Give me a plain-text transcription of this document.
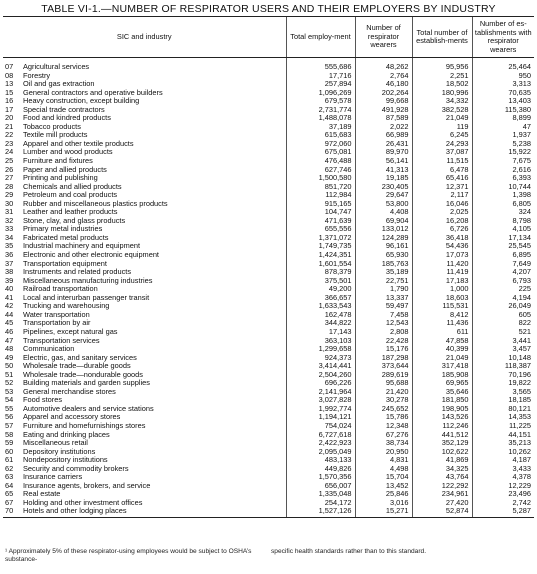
TABLE VI-1.—NUMBER OF RESPIRATOR USERS AND THEIR EMPLOYERS BY INDUSTRY
SIC and industry	Total employ-ment	Number of respirator wearers	Total number of establish-ments	Number of es-tablishments with respirator wearers
07 Agricultural services	555,686	48,262	95,956	25,464
08 Forestry	17,716	2,764	2,251	950
13 Oil and gas extraction	257,894	46,180	18,502	3,313
15 General contractors and operative builders	1,096,269	202,264	180,996	70,635
16 Heavy construction, except building	679,578	99,668	34,332	13,403
17 Special trade contractors	2,731,774	491,928	382,528	115,380
20 Food and kindred products	1,488,078	87,589	21,049	8,899
21 Tobacco products	37,189	2,022	119	47
22 Textile mill products	615,683	66,989	6,245	1,937
23 Apparel and other textile products	972,060	26,431	24,293	5,238
24 Lumber and wood products	675,081	89,970	37,087	15,922
25 Furniture and fixtures	476,488	56,141	11,515	7,675
26 Paper and allied products	627,746	41,313	6,478	2,616
27 Printing and publishing	1,500,580	19,185	65,416	6,393
28 Chemicals and allied products	851,720	230,405	12,371	10,744
29 Petroleum and coal products	112,984	29,647	2,117	1,398
30 Rubber and miscellaneous plastics products	915,165	53,800	16,046	6,805
31 Leather and leather products	104,747	4,408	2,025	324
32 Stone, clay, and glass products	471,639	69,904	16,208	8,798
33 Primary metal industries	655,556	133,012	6,726	4,105
34 Fabricated metal products	1,371,072	124,289	36,418	17,134
35 Industrial machinery and equipment	1,749,735	96,161	54,436	25,545
36 Electronic and other electronic equipment	1,424,351	65,930	17,073	6,895
37 Transportation equipment	1,601,554	185,763	11,420	7,649
38 Instruments and related products	878,379	35,189	11,419	4,207
39 Miscellaneous manufacturing industries	375,501	22,751	17,183	6,793
40 Railroad transportation	49,200	1,790	1,000	225
41 Local and interurban passenger transit	366,657	13,337	18,603	4,194
42 Trucking and warehousing	1,633,543	59,497	115,531	26,049
44 Water transportation	162,478	7,458	8,412	605
45 Transportation by air	344,822	12,543	11,436	822
46 Pipelines, except natural gas	17,143	2,808	611	521
47 Transportation services	363,103	22,428	47,858	3,441
48 Communication	1,299,658	15,176	40,399	3,457
49 Electric, gas, and sanitary services	924,373	187,298	21,049	10,148
50 Wholesale trade—durable goods	3,414,441	373,644	317,418	118,387
51 Wholesale trade—nondurable goods	2,504,260	289,619	185,908	70,196
52 Building materials and garden supplies	696,226	95,688	69,965	19,822
53 General merchandise stores	2,141,964	21,420	35,646	3,565
54 Food stores	3,027,828	30,278	181,850	18,185
55 Automotive dealers and service stations	1,992,774	245,652	198,905	80,121
56 Apparel and accessory stores	1,194,121	15,786	143,526	14,353
57 Furniture and homefurnishings stores	754,024	12,348	112,246	11,225
58 Eating and drinking places	6,727,618	67,276	441,512	44,151
59 Miscellaneous retail	2,422,923	38,734	352,129	35,213
60 Depository institutions	2,095,049	20,950	102,622	10,262
61 Nondepository institutions	483,133	4,831	41,869	4,187
62 Security and commodity brokers	449,826	4,498	34,325	3,433
63 Insurance carriers	1,570,356	15,704	43,764	4,378
64 Insurance agents, brokers, and service	656,007	13,452	122,292	12,229
65 Real estate	1,335,048	25,846	234,961	23,496
67 Holding and other investment offices	254,172	3,016	27,420	2,742
70 Hotels and other lodging places	1,527,126	15,271	52,874	5,287
¹ Approximately 5% of these respirator-using employees would be subject to OSHA’s substance-
specific health standards rather than to this standard.
